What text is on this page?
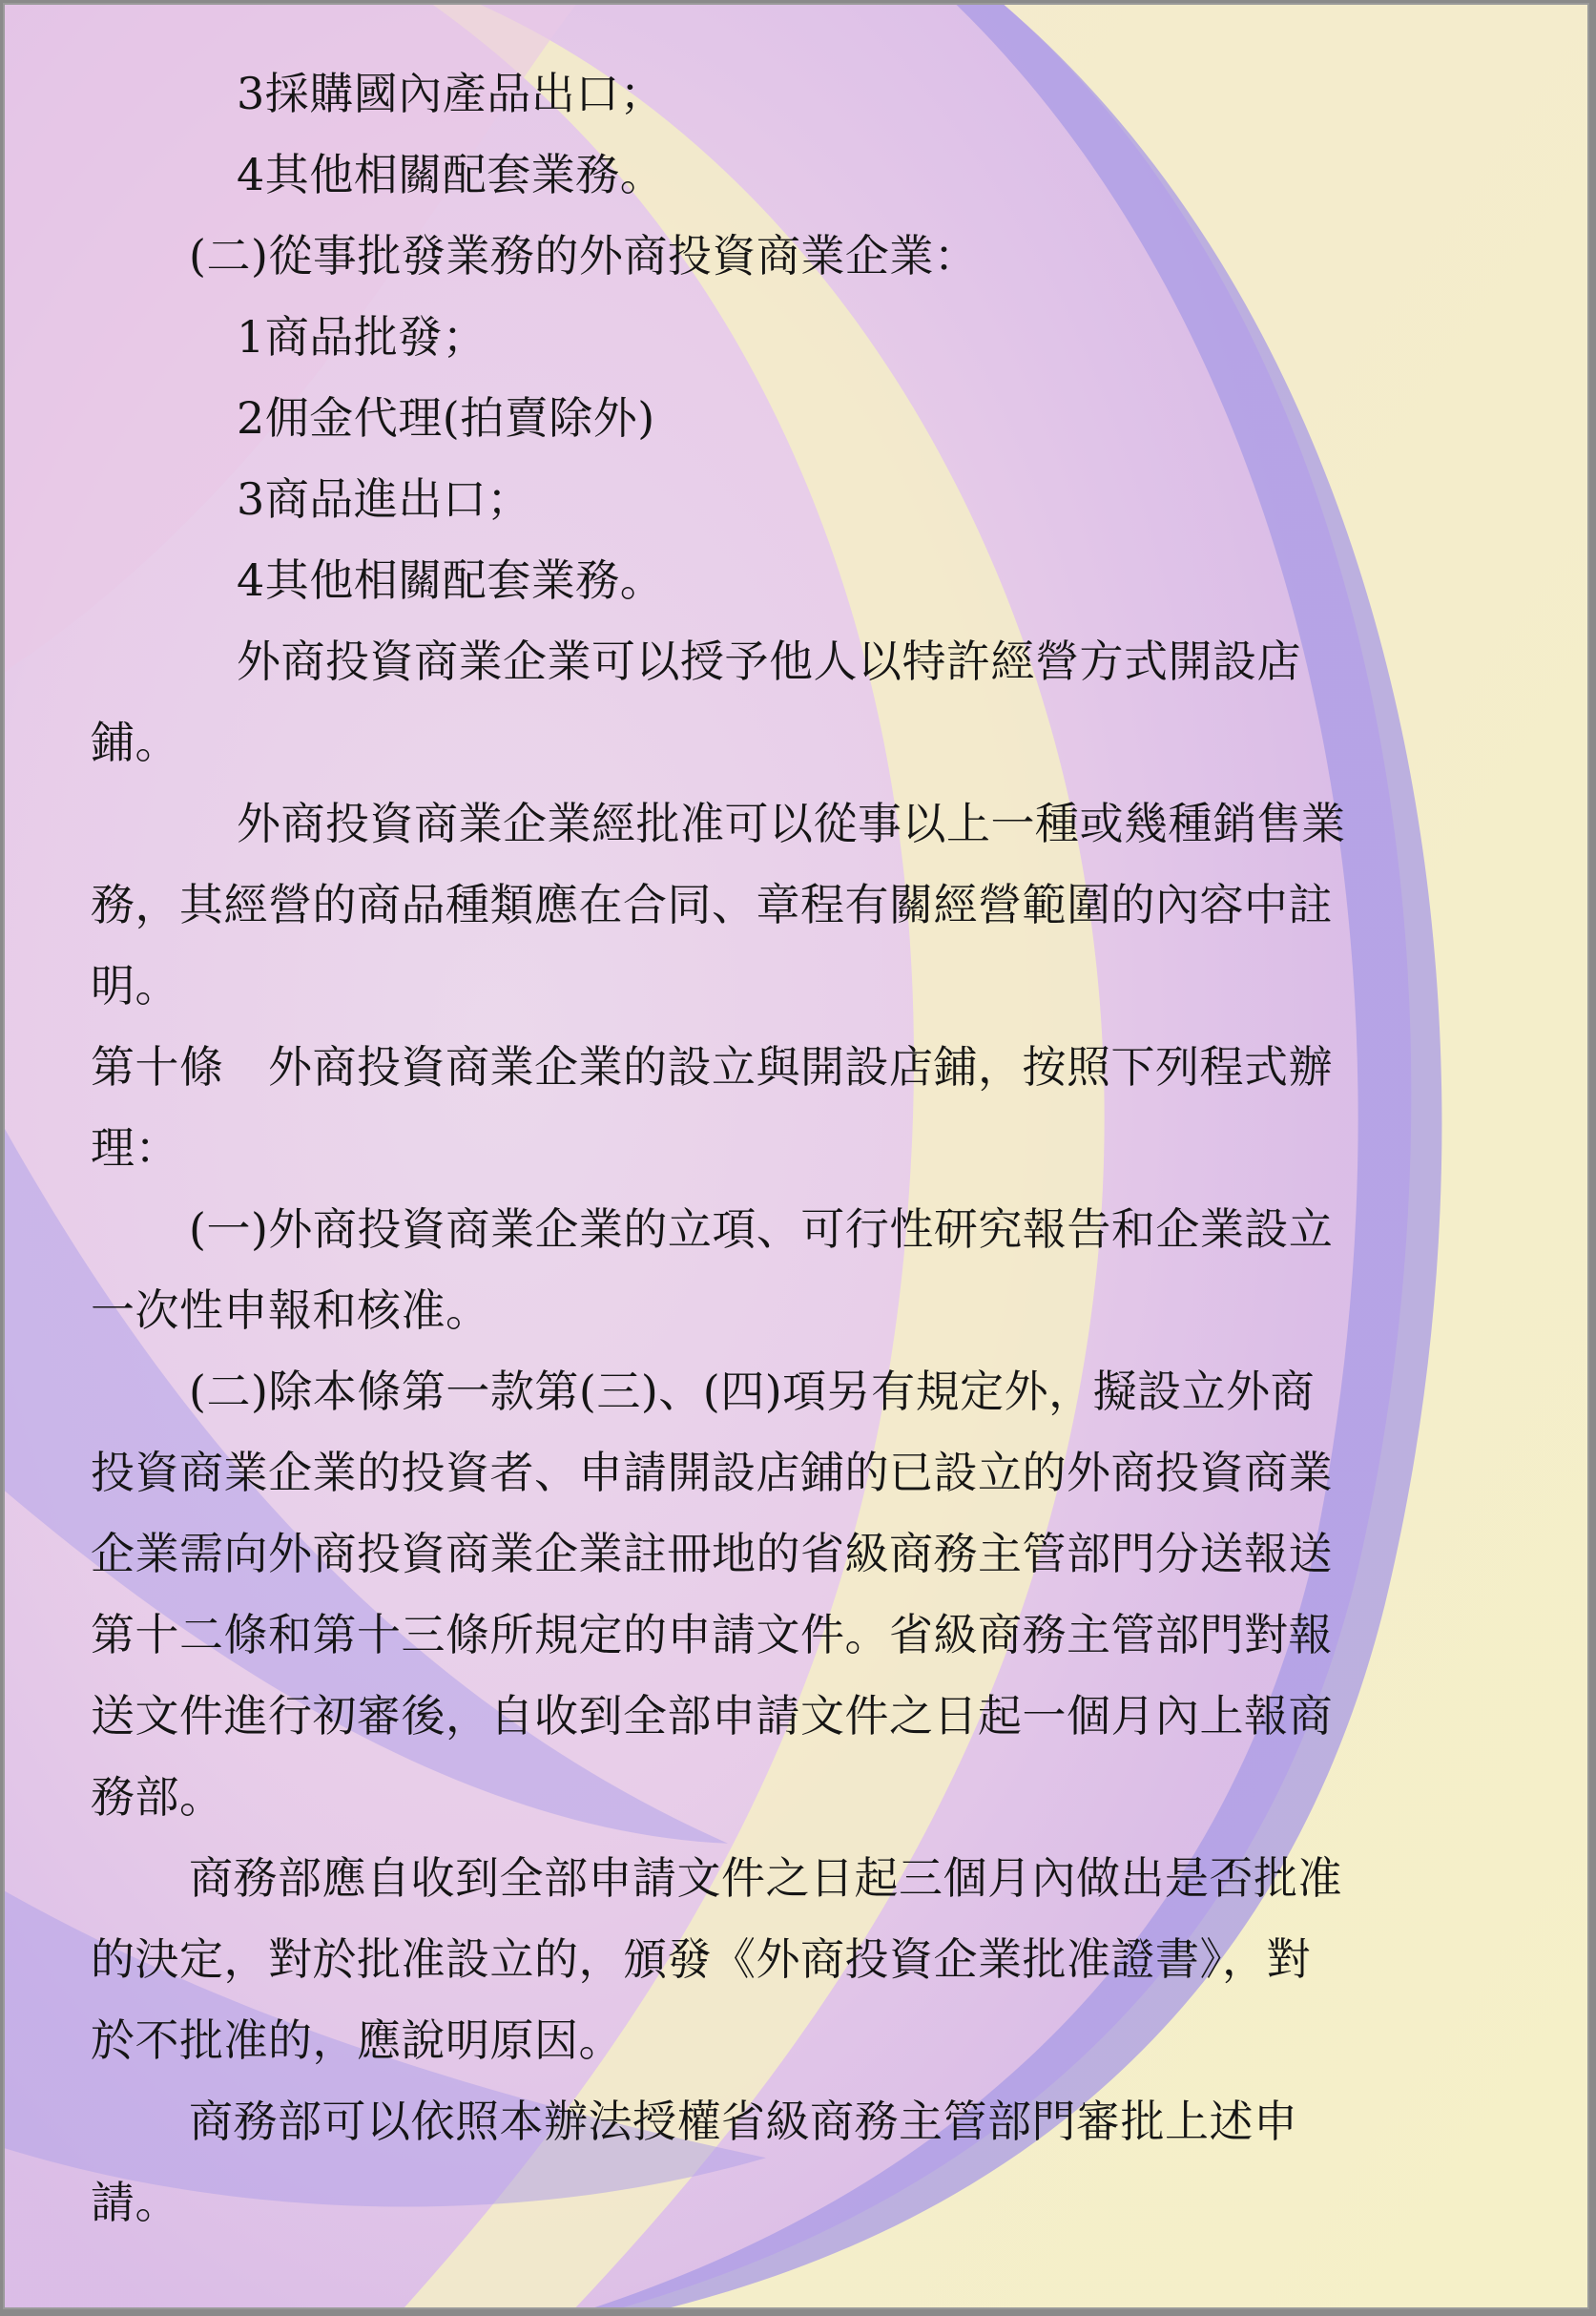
3採購國內產品出口；
4其他相關配套業務。
(二)從事批發業務的外商投資商業企業：
1商品批發；
2佣金代理(拍賣除外)
3商品進出口；
4其他相關配套業務。
外商投資商業企業可以授予他人以特許經營方式開設店
鋪。
外商投資商業企業經批准可以從事以上一種或幾種銷售業
務，其經營的商品種類應在合同、章程有關經營範圍的內容中註
明。
第十條　外商投資商業企業的設立與開設店鋪，按照下列程式辦
理：
(一)外商投資商業企業的立項、可行性研究報告和企業設立
一次性申報和核准。
(二)除本條第一款第(三)、(四)項另有規定外，擬設立外商
投資商業企業的投資者、申請開設店鋪的已設立的外商投資商業
企業需向外商投資商業企業註冊地的省級商務主管部門分送報送
第十二條和第十三條所規定的申請文件。省級商務主管部門對報
送文件進行初審後，自收到全部申請文件之日起一個月內上報商
務部。
商務部應自收到全部申請文件之日起三個月內做出是否批准
的決定，對於批准設立的，頒發《外商投資企業批准證書》，對
於不批准的，應說明原因。
商務部可以依照本辦法授權省級商務主管部門審批上述申
請。
